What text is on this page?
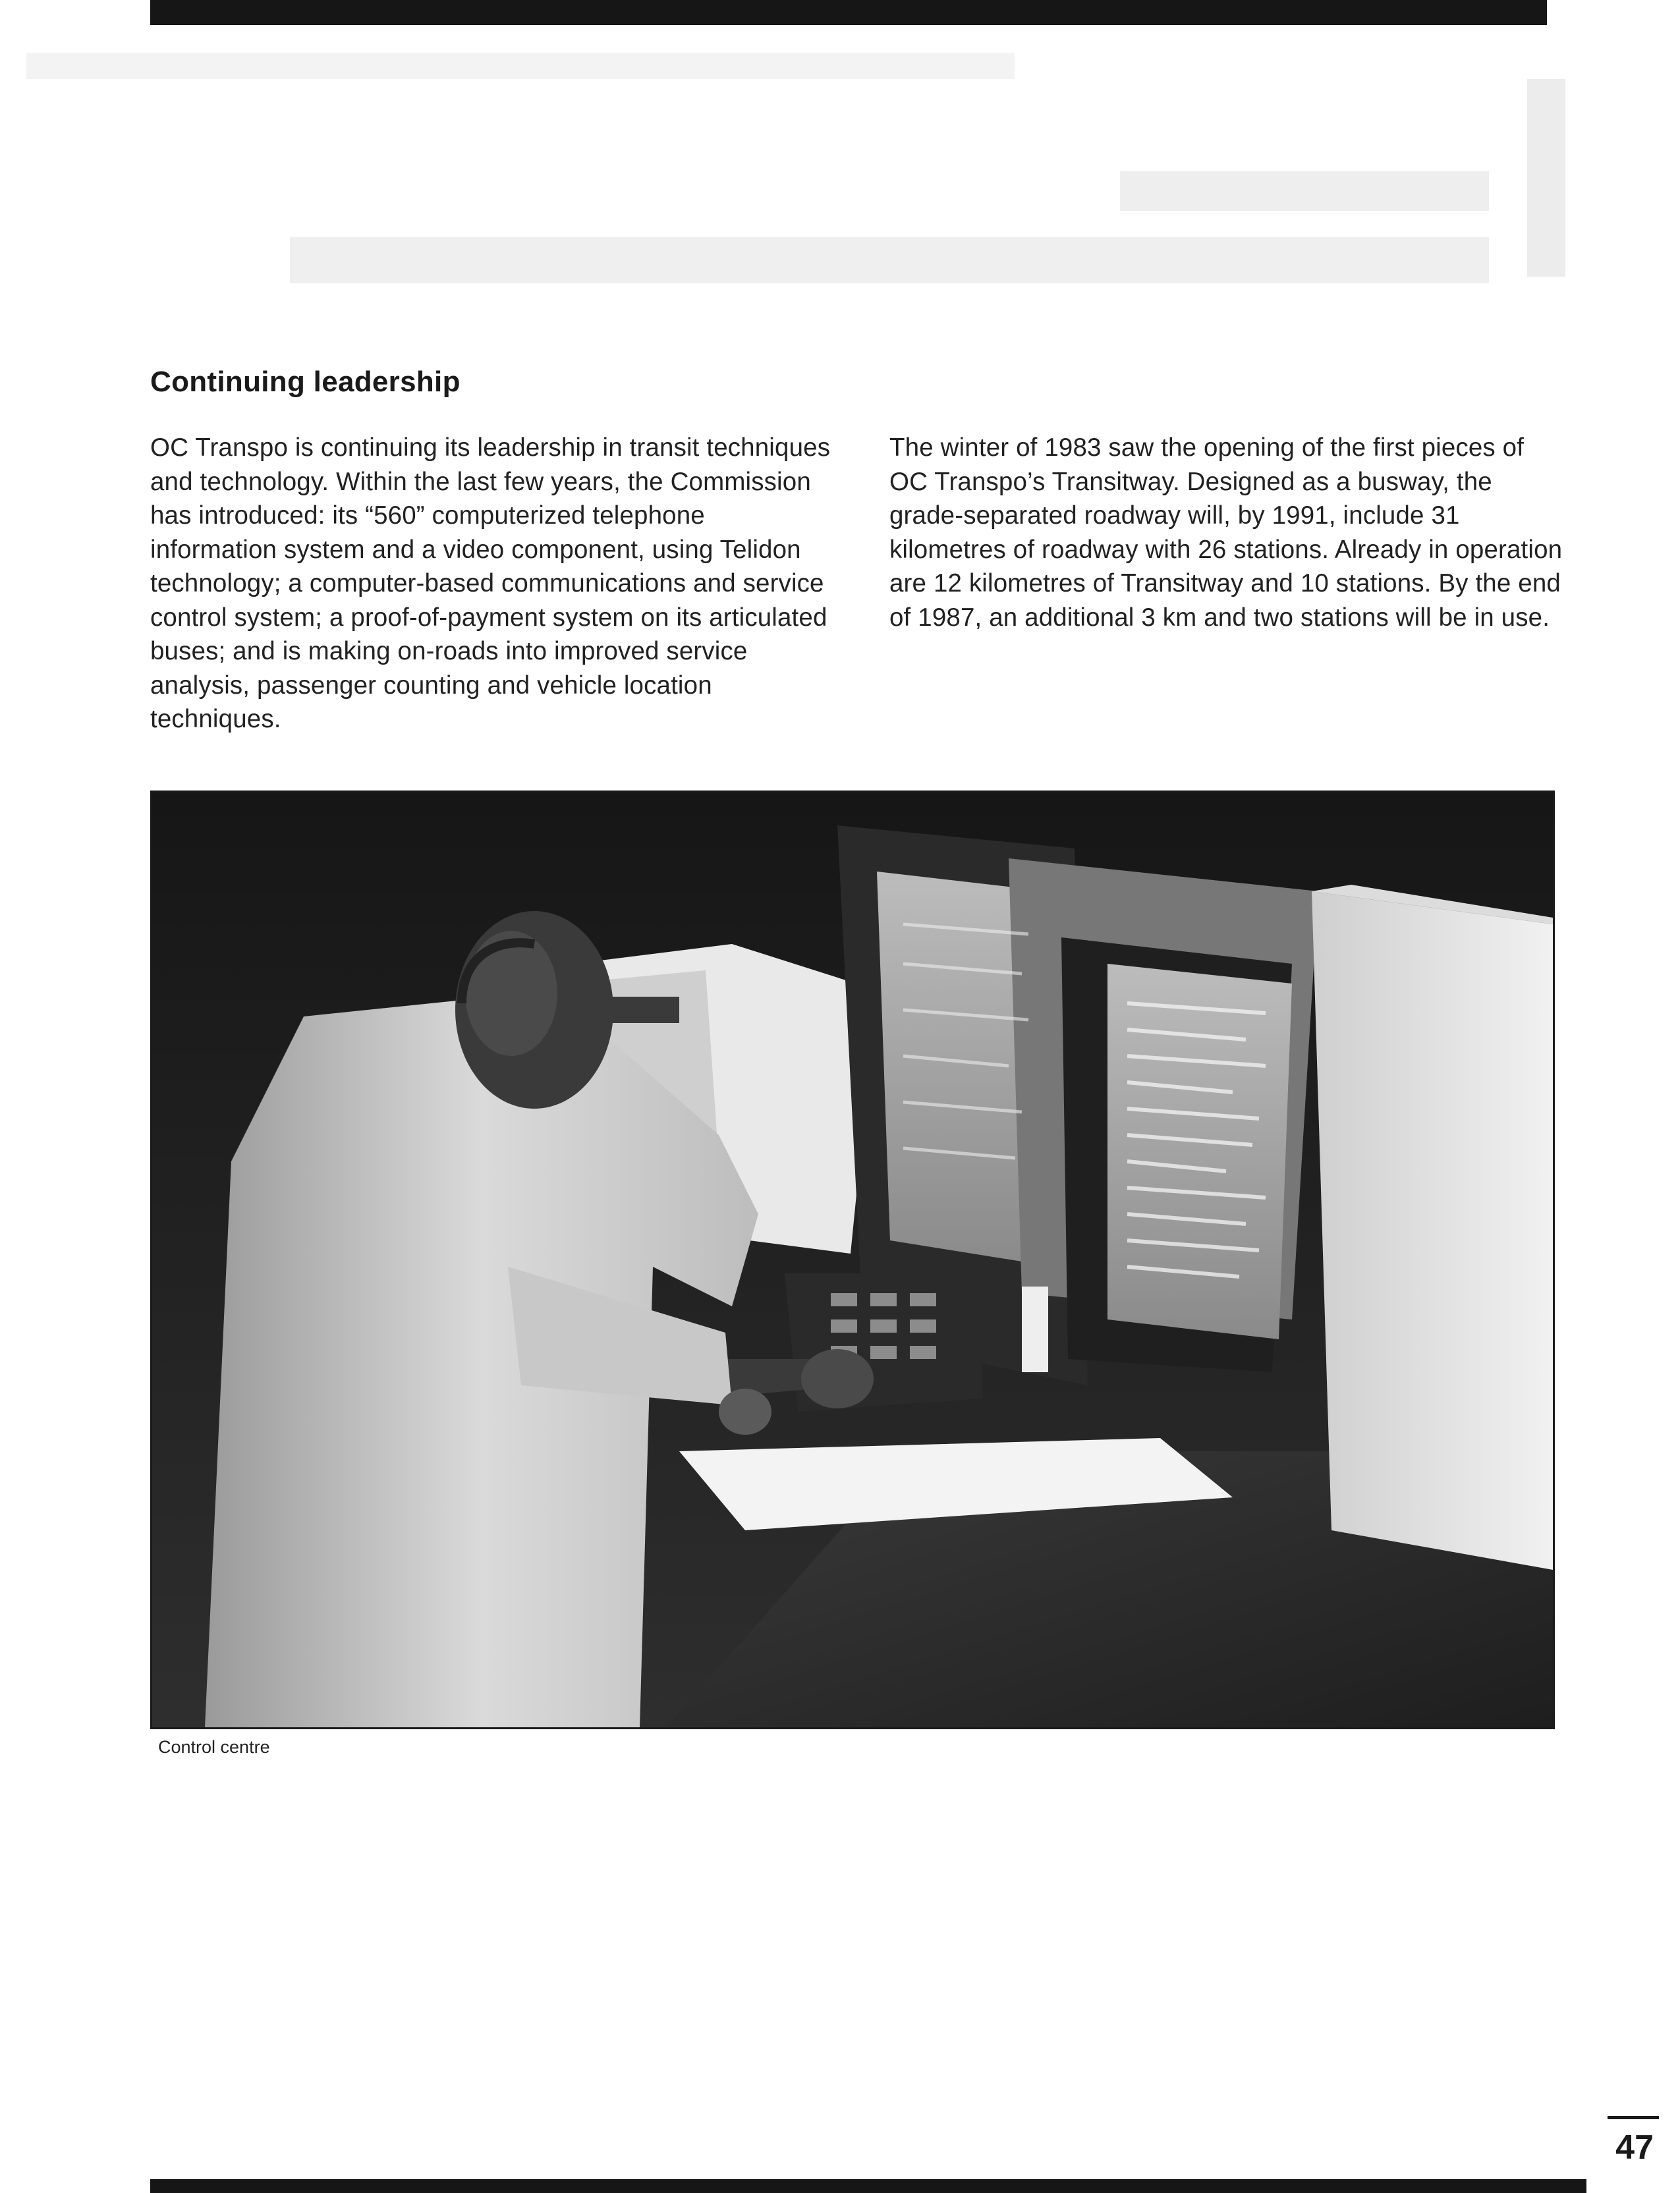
Continuing leadership

OC Transpo is continuing its leadership in transit techniques and technology. Within the last few years, the Commission has introduced: its “560” computerized telephone information system and a video component, using Telidon technology; a computer-based communications and service control system; a proof-of-payment system on its articulated buses; and is making on-roads into improved service analysis, passenger counting and vehicle location techniques.

The winter of 1983 saw the opening of the first pieces of OC Transpo’s Transitway. Designed as a busway, the grade-separated roadway will, by 1991, include 31 kilometres of roadway with 26 stations. Already in operation are 12 kilometres of Transitway and 10 stations. By the end of 1987, an additional 3 km and two stations will be in use.

Control centre

47
